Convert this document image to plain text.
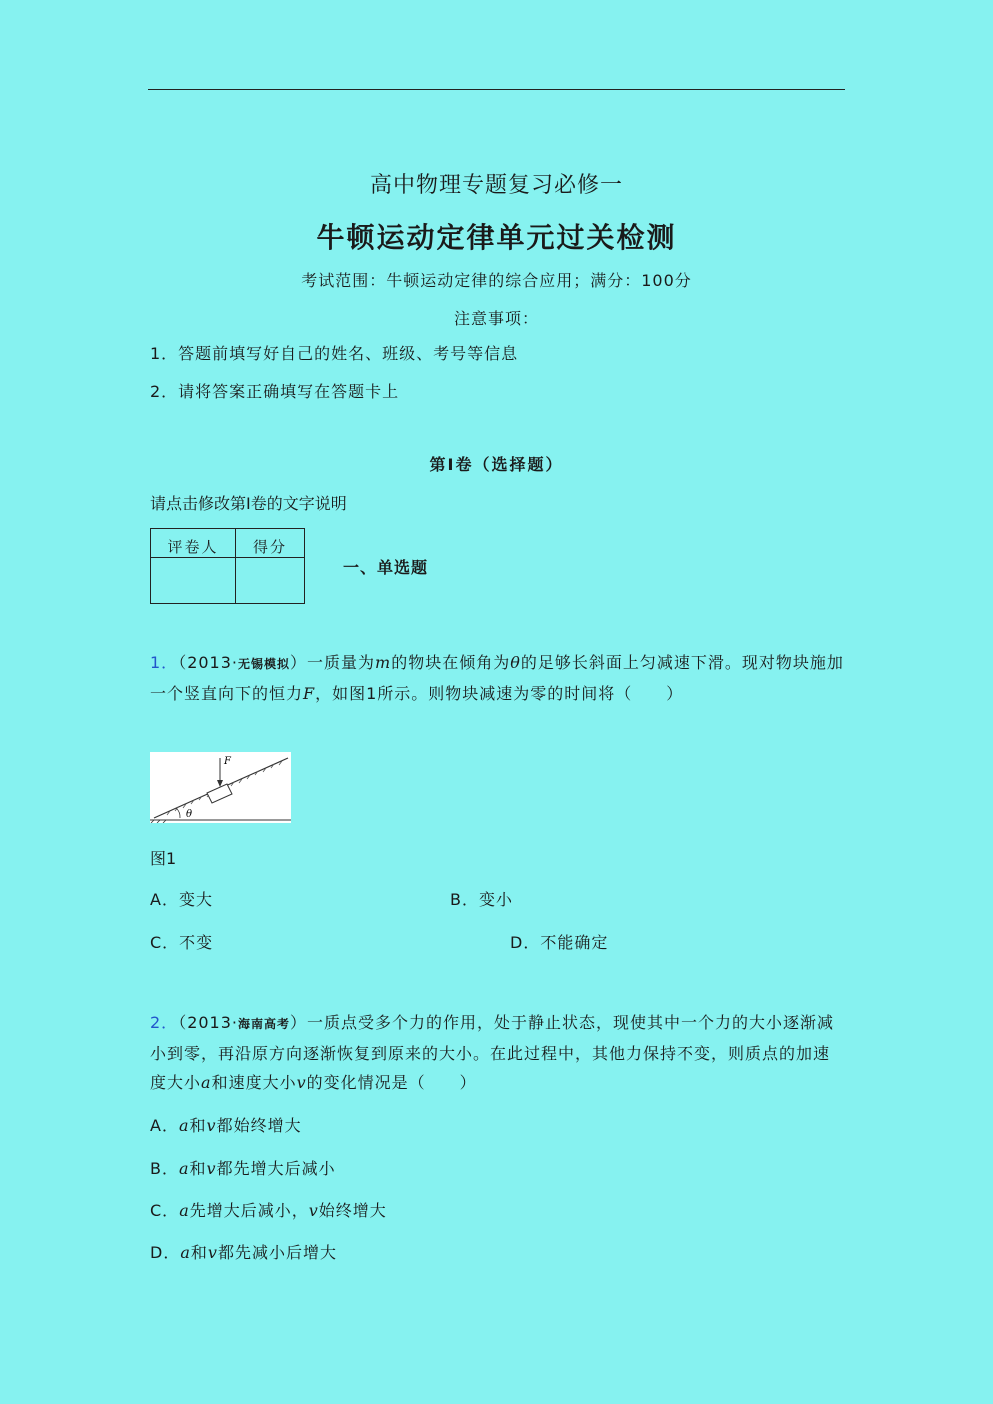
高中物理专题复习必修一
牛顿运动定律单元过关检测
考试范围：牛顿运动定律的综合应用；满分：100分
注意事项：
1．答题前填写好自己的姓名、班级、考号等信息
2．请将答案正确填写在答题卡上
第I卷（选择题）
请点击修改第I卷的文字说明
评卷人	得分

一、单选题
1．（2013·无锡模拟）一质量为m的物块在倾角为θ的足够长斜面上匀减速下滑。现对物块施加一个竖直向下的恒力F，如图1所示。则物块减速为零的时间将（　　）
F
θ
图1
A．变大	B．变小
C．不变	D．不能确定
2．（2013·海南高考）一质点受多个力的作用，处于静止状态，现使其中一个力的大小逐渐减小到零，再沿原方向逐渐恢复到原来的大小。在此过程中，其他力保持不变，则质点的加速度大小a和速度大小v的变化情况是（　　）
A．a和v都始终增大
B．a和v都先增大后减小
C．a先增大后减小，v始终增大
D．a和v都先减小后增大
